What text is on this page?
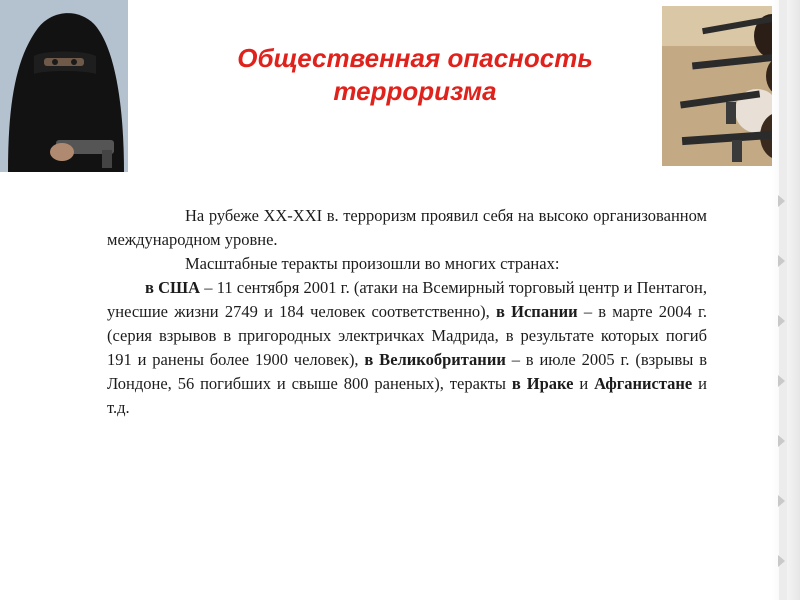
Общественная опасность
терроризма

На рубеже ХХ-ХХI в. терроризм проявил себя на высоко организованном международном уровне.

Масштабные теракты произошли во многих странах:

в США – 11 сентября 2001 г. (атаки на Всемирный торговый центр и Пентагон, унесшие жизни 2749 и 184 человек соответственно), в Испании – в марте 2004 г. (серия взрывов в пригородных электричках Мадрида, в результате которых погиб 191 и ранены более 1900 человек), в Великобритании – в июле 2005 г. (взрывы в Лондоне, 56 погибших и свыше 800 раненых), теракты в Ираке и Афганистане и т.д.
